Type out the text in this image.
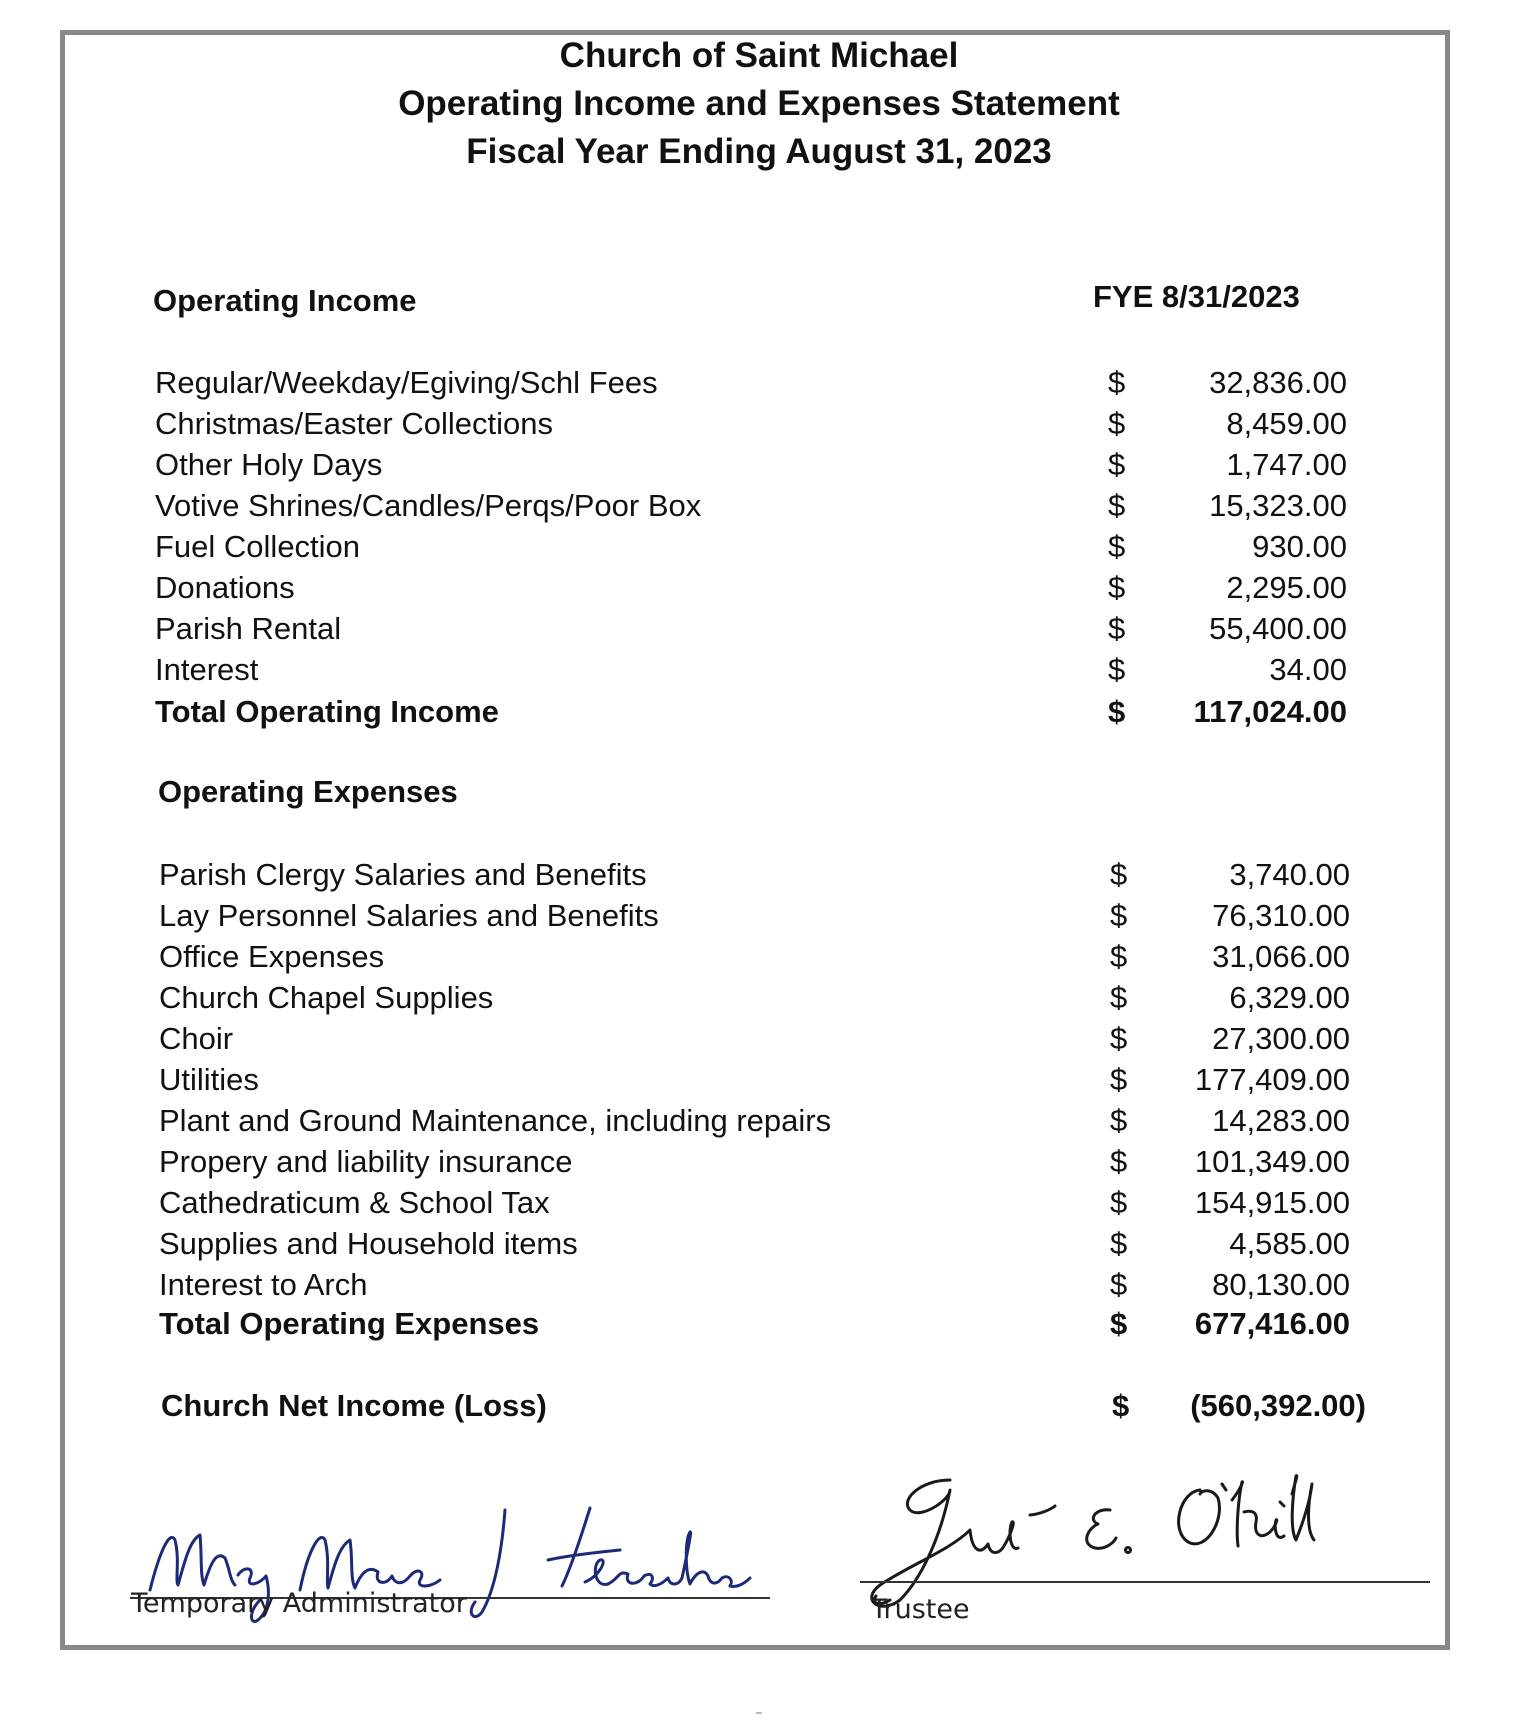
Church of Saint Michael
Operating Income and Expenses Statement
Fiscal Year Ending August 31, 2023
Operating Income	FYE 8/31/2023
Regular/Weekday/Egiving/Schl Fees	$	32,836.00
Christmas/Easter Collections	$	8,459.00
Other Holy Days	$	1,747.00
Votive Shrines/Candles/Perqs/Poor Box	$	15,323.00
Fuel Collection	$	930.00
Donations	$	2,295.00
Parish Rental	$	55,400.00
Interest	$	34.00
Total Operating Income	$	117,024.00
Operating Expenses
Parish Clergy Salaries and Benefits	$	3,740.00
Lay Personnel Salaries and Benefits	$	76,310.00
Office Expenses	$	31,066.00
Church Chapel Supplies	$	6,329.00
Choir	$	27,300.00
Utilities	$	177,409.00
Plant and Ground Maintenance, including repairs	$	14,283.00
Propery and liability insurance	$	101,349.00
Cathedraticum & School Tax	$	154,915.00
Supplies and Household items	$	4,585.00
Interest to Arch	$	80,130.00
Total Operating Expenses	$	677,416.00
Church Net Income (Loss)	$	(560,392.00)
Temporary Administrator	Trustee
